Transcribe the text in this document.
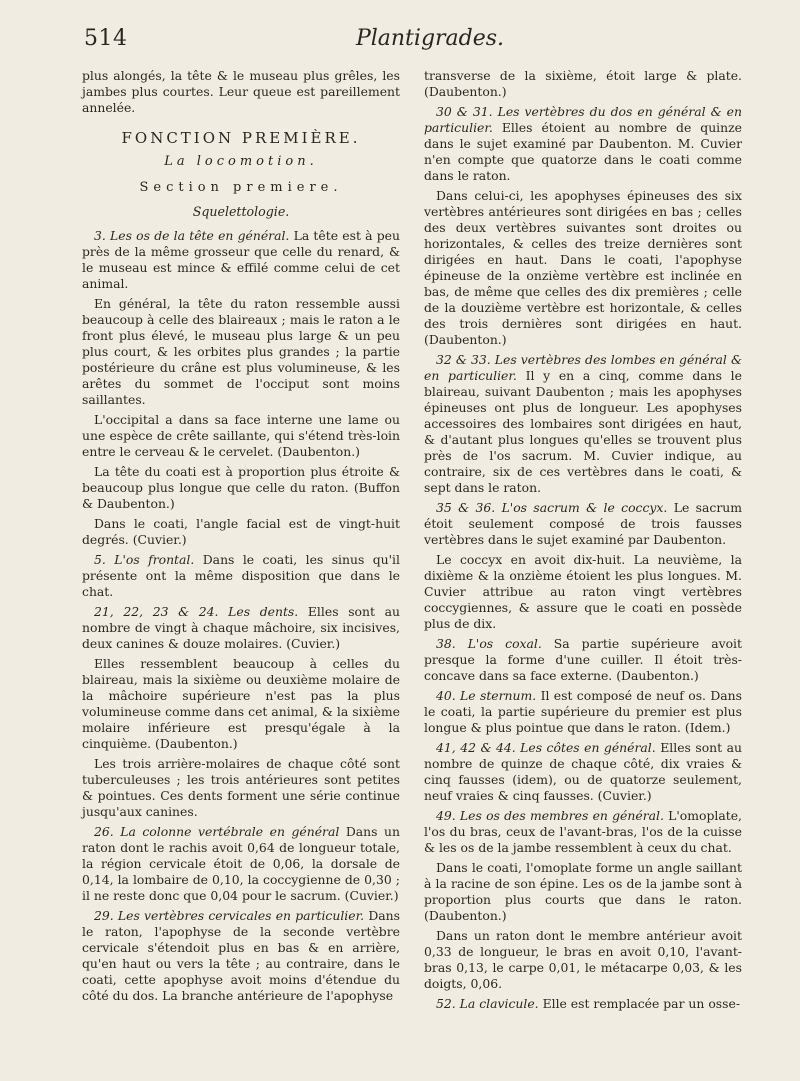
514	Plantigrades.

plus alongés, la tête & le museau plus grêles, les jambes plus courtes. Leur queue est pareillement annelée.

FONCTION PREMIÈRE.
La locomotion.
Section premiere.
Squelettologie.

3. Les os de la tête en général. La tête est à peu près de la même grosseur que celle du renard, & le museau est mince & effilé comme celui de cet animal.

En général, la tête du raton ressemble aussi beaucoup à celle des blaireaux ; mais le raton a le front plus élevé, le museau plus large & un peu plus court, & les orbites plus grandes ; la partie postérieure du crâne est plus volumineuse, & les arêtes du sommet de l'occiput sont moins saillantes.

L'occipital a dans sa face interne une lame ou une espèce de crête saillante, qui s'étend très-loin entre le cerveau & le cervelet. (Daubenton.)

La tête du coati est à proportion plus étroite & beaucoup plus longue que celle du raton. (Buffon & Daubenton.)

Dans le coati, l'angle facial est de vingt-huit degrés. (Cuvier.)

5. L'os frontal. Dans le coati, les sinus qu'il présente ont la même disposition que dans le chat.

21, 22, 23 & 24. Les dents. Elles sont au nombre de vingt à chaque mâchoire, six incisives, deux canines & douze molaires. (Cuvier.)

Elles ressemblent beaucoup à celles du blaireau, mais la sixième ou deuxième molaire de la mâchoire supérieure n'est pas la plus volumineuse comme dans cet animal, & la sixième molaire inférieure est presqu'égale à la cinquième. (Daubenton.)

Les trois arrière-molaires de chaque côté sont tuberculeuses ; les trois antérieures sont petites & pointues. Ces dents forment une série continue jusqu'aux canines.

26. La colonne vertébrale en général Dans un raton dont le rachis avoit 0,64 de longueur totale, la région cervicale étoit de 0,06, la dorsale de 0,14, la lombaire de 0,10, la coccygienne de 0,30 ; il ne reste donc que 0,04 pour le sacrum. (Cuvier.)

29. Les vertèbres cervicales en particulier. Dans le raton, l'apophyse de la seconde vertèbre cervicale s'étendoit plus en bas & en arrière, qu'en haut ou vers la tête ; au contraire, dans le coati, cette apophyse avoit moins d'étendue du côté du dos. La branche antérieure de l'apophyse

transverse de la sixième, étoit large & plate. (Daubenton.)

30 & 31. Les vertèbres du dos en général & en particulier. Elles étoient au nombre de quinze dans le sujet examiné par Daubenton. M. Cuvier n'en compte que quatorze dans le coati comme dans le raton.

Dans celui-ci, les apophyses épineuses des six vertèbres antérieures sont dirigées en bas ; celles des deux vertèbres suivantes sont droites ou horizontales, & celles des treize dernières sont dirigées en haut. Dans le coati, l'apophyse épineuse de la onzième vertèbre est inclinée en bas, de même que celles des dix premières ; celle de la douzième vertèbre est horizontale, & celles des trois dernières sont dirigées en haut. (Daubenton.)

32 & 33. Les vertèbres des lombes en général & en particulier. Il y en a cinq, comme dans le blaireau, suivant Daubenton ; mais les apophyses épineuses ont plus de longueur. Les apophyses accessoires des lombaires sont dirigées en haut, & d'autant plus longues qu'elles se trouvent plus près de l'os sacrum. M. Cuvier indique, au contraire, six de ces vertèbres dans le coati, & sept dans le raton.

35 & 36. L'os sacrum & le coccyx. Le sacrum étoit seulement composé de trois fausses vertèbres dans le sujet examiné par Daubenton.

Le coccyx en avoit dix-huit. La neuvième, la dixième & la onzième étoient les plus longues. M. Cuvier attribue au raton vingt vertèbres coccygiennes, & assure que le coati en possède plus de dix.

38. L'os coxal. Sa partie supérieure avoit presque la forme d'une cuiller. Il étoit très-concave dans sa face externe. (Daubenton.)

40. Le sternum. Il est composé de neuf os. Dans le coati, la partie supérieure du premier est plus longue & plus pointue que dans le raton. (Idem.)

41, 42 & 44. Les côtes en général. Elles sont au nombre de quinze de chaque côté, dix vraies & cinq fausses (idem), ou de quatorze seulement, neuf vraies & cinq fausses. (Cuvier.)

49. Les os des membres en général. L'omoplate, l'os du bras, ceux de l'avant-bras, l'os de la cuisse & les os de la jambe ressemblent à ceux du chat.

Dans le coati, l'omoplate forme un angle saillant à la racine de son épine. Les os de la jambe sont à proportion plus courts que dans le raton. (Daubenton.)

Dans un raton dont le membre antérieur avoit 0,33 de longueur, le bras en avoit 0,10, l'avant-bras 0,13, le carpe 0,01, le métacarpe 0,03, & les doigts, 0,06.

52. La clavicule. Elle est remplacée par un osse-
